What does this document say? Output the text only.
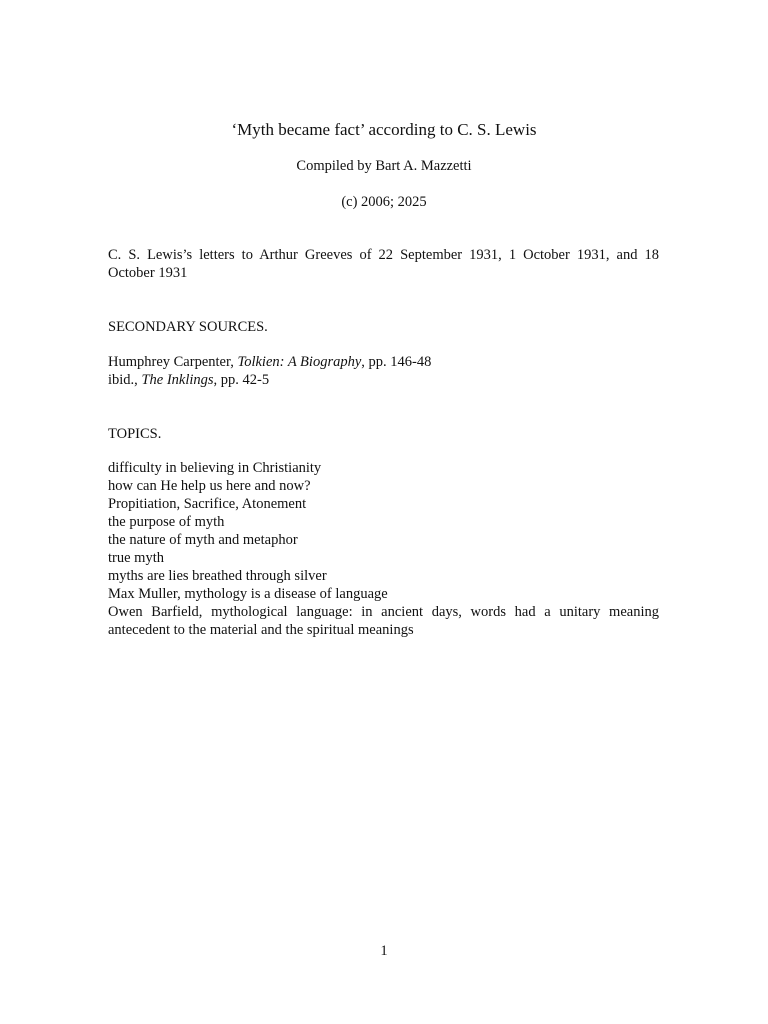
‘Myth became fact’ according to C. S. Lewis
Compiled by Bart A. Mazzetti
(c) 2006; 2025
C. S. Lewis’s letters to Arthur Greeves of 22 September 1931, 1 October 1931, and 18
October 1931
SECONDARY SOURCES.
Humphrey Carpenter, Tolkien: A Biography, pp. 146-48
ibid., The Inklings, pp. 42-5
TOPICS.
difficulty in believing in Christianity
how can He help us here and now?
Propitiation, Sacrifice, Atonement
the purpose of myth
the nature of myth and metaphor
true myth
myths are lies breathed through silver
Max Muller, mythology is a disease of language
Owen Barfield, mythological language: in ancient days, words had a unitary meaning
antecedent to the material and the spiritual meanings
1
